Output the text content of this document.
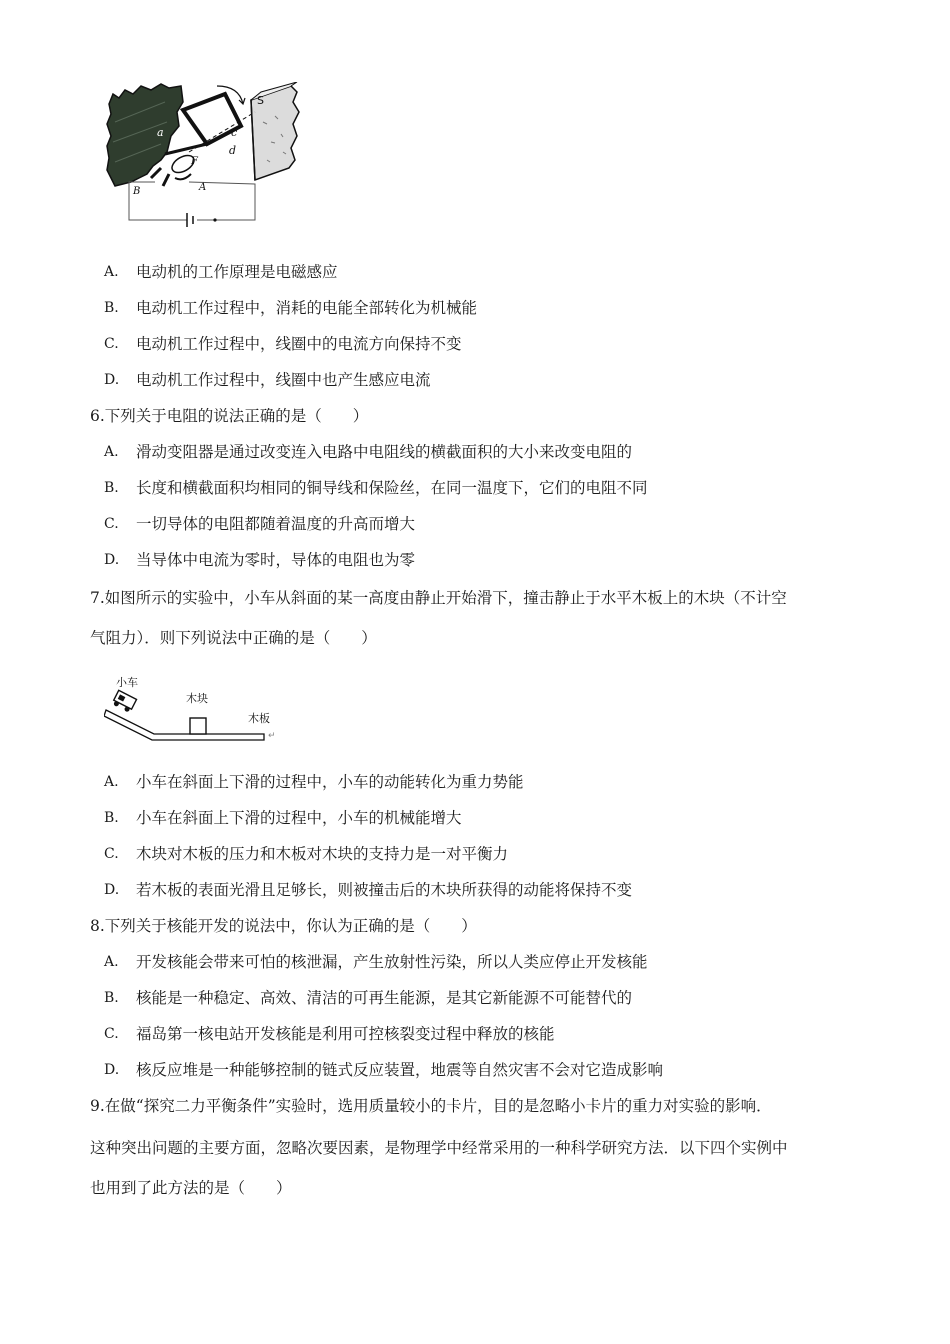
b	S
a	c
d
F
B	A
A. 电动机的工作原理是电磁感应
B. 电动机工作过程中，消耗的电能全部转化为机械能
C. 电动机工作过程中，线圈中的电流方向保持不变
D. 电动机工作过程中，线圈中也产生感应电流
6.下列关于电阻的说法正确的是（　　）
A. 滑动变阻器是通过改变连入电路中电阻线的横截面积的大小来改变电阻的
B. 长度和横截面积均相同的铜导线和保险丝，在同一温度下，它们的电阻不同
C. 一切导体的电阻都随着温度的升高而增大
D. 当导体中电流为零时，导体的电阻也为零
7.如图所示的实验中，小车从斜面的某一高度由静止开始滑下，撞击静止于水平木板上的木块（不计空
气阻力）．则下列说法中正确的是（　　）
小车
木块
木板
↵
A. 小车在斜面上下滑的过程中，小车的动能转化为重力势能
B. 小车在斜面上下滑的过程中，小车的机械能增大
C. 木块对木板的压力和木板对木块的支持力是一对平衡力
D. 若木板的表面光滑且足够长，则被撞击后的木块所获得的动能将保持不变
8.下列关于核能开发的说法中，你认为正确的是（　　）
A. 开发核能会带来可怕的核泄漏，产生放射性污染，所以人类应停止开发核能
B. 核能是一种稳定、高效、清洁的可再生能源，是其它新能源不可能替代的
C. 福岛第一核电站开发核能是利用可控核裂变过程中释放的核能
D. 核反应堆是一种能够控制的链式反应装置，地震等自然灾害不会对它造成影响
9.在做“探究二力平衡条件”实验时，选用质量较小的卡片，目的是忽略小卡片的重力对实验的影响．
这种突出问题的主要方面，忽略次要因素，是物理学中经常采用的一种科学研究方法．以下四个实例中
也用到了此方法的是（　　）
